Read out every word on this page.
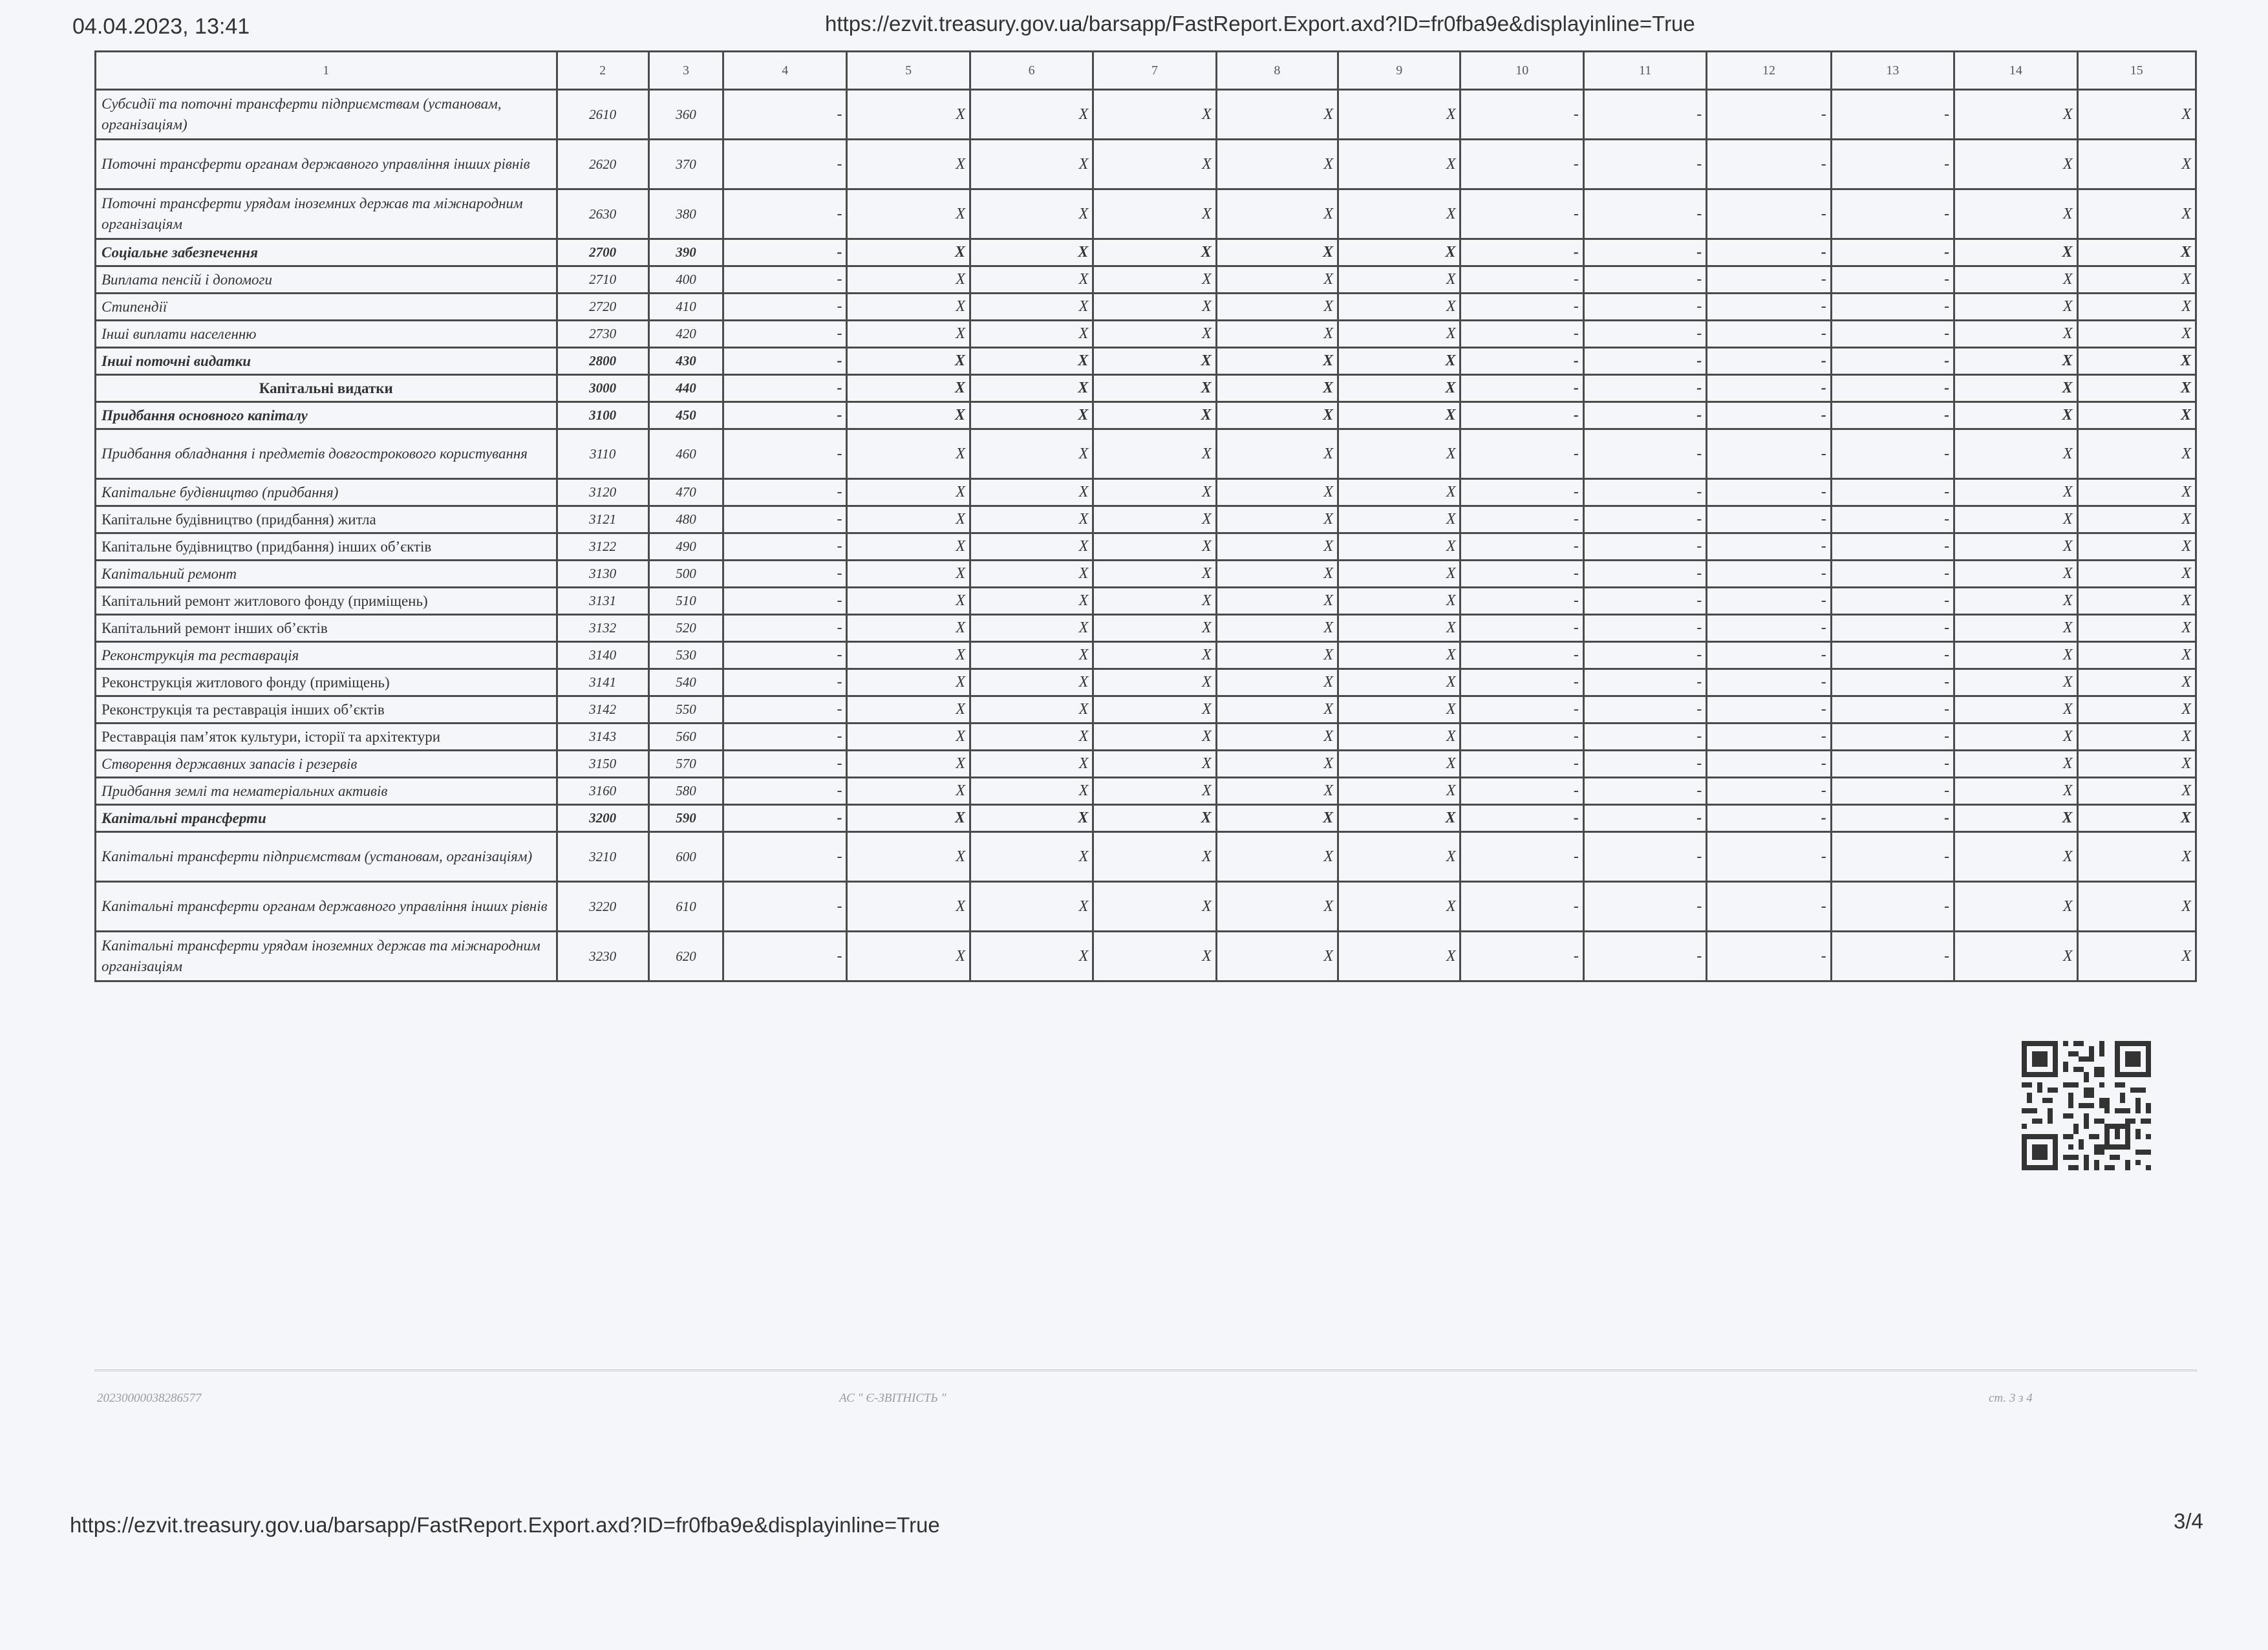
04.04.2023, 13:41	https://ezvit.treasury.gov.ua/barsapp/FastReport.Export.axd?ID=fr0fba9e&displayinline=True
1	2	3	4	5	6	7	8	9	10	11	12	13	14	15
Субсидії та поточні трансферти підприємствам (установам, організаціям)	2610	360	-	X	X	X	X	X	-	-	-	-	X	X
Поточні трансферти органам державного управління інших рівнів	2620	370	-	X	X	X	X	X	-	-	-	-	X	X
Поточні трансферти урядам іноземних держав та міжнародним організаціям	2630	380	-	X	X	X	X	X	-	-	-	-	X	X
Соціальне забезпечення	2700	390	-	X	X	X	X	X	-	-	-	-	X	X
Виплата пенсій і допомоги	2710	400	-	X	X	X	X	X	-	-	-	-	X	X
Стипендії	2720	410	-	X	X	X	X	X	-	-	-	-	X	X
Інші виплати населенню	2730	420	-	X	X	X	X	X	-	-	-	-	X	X
Інші поточні видатки	2800	430	-	X	X	X	X	X	-	-	-	-	X	X
Капітальні видатки	3000	440	-	X	X	X	X	X	-	-	-	-	X	X
Придбання основного капіталу	3100	450	-	X	X	X	X	X	-	-	-	-	X	X
Придбання обладнання і предметів довгострокового користування	3110	460	-	X	X	X	X	X	-	-	-	-	X	X
Капітальне будівництво (придбання)	3120	470	-	X	X	X	X	X	-	-	-	-	X	X
Капітальне будівництво (придбання) житла	3121	480	-	X	X	X	X	X	-	-	-	-	X	X
Капітальне будівництво (придбання) інших об’єктів	3122	490	-	X	X	X	X	X	-	-	-	-	X	X
Капітальний ремонт	3130	500	-	X	X	X	X	X	-	-	-	-	X	X
Капітальний ремонт житлового фонду (приміщень)	3131	510	-	X	X	X	X	X	-	-	-	-	X	X
Капітальний ремонт інших об’єктів	3132	520	-	X	X	X	X	X	-	-	-	-	X	X
Реконструкція та реставрація	3140	530	-	X	X	X	X	X	-	-	-	-	X	X
Реконструкція житлового фонду (приміщень)	3141	540	-	X	X	X	X	X	-	-	-	-	X	X
Реконструкція та реставрація інших об’єктів	3142	550	-	X	X	X	X	X	-	-	-	-	X	X
Реставрація пам’яток культури, історії та архітектури	3143	560	-	X	X	X	X	X	-	-	-	-	X	X
Створення державних запасів і резервів	3150	570	-	X	X	X	X	X	-	-	-	-	X	X
Придбання землі та нематеріальних активів	3160	580	-	X	X	X	X	X	-	-	-	-	X	X
Капітальні трансферти	3200	590	-	X	X	X	X	X	-	-	-	-	X	X
Капітальні трансферти підприємствам (установам, організаціям)	3210	600	-	X	X	X	X	X	-	-	-	-	X	X
Капітальні трансферти органам державного управління інших рівнів	3220	610	-	X	X	X	X	X	-	-	-	-	X	X
Капітальні трансферти урядам іноземних держав та міжнародним організаціям	3230	620	-	X	X	X	X	X	-	-	-	-	X	X
20230000038286577	АС " Є-ЗВІТНІСТЬ "	ст. 3 з 4
https://ezvit.treasury.gov.ua/barsapp/FastReport.Export.axd?ID=fr0fba9e&displayinline=True	3/4
